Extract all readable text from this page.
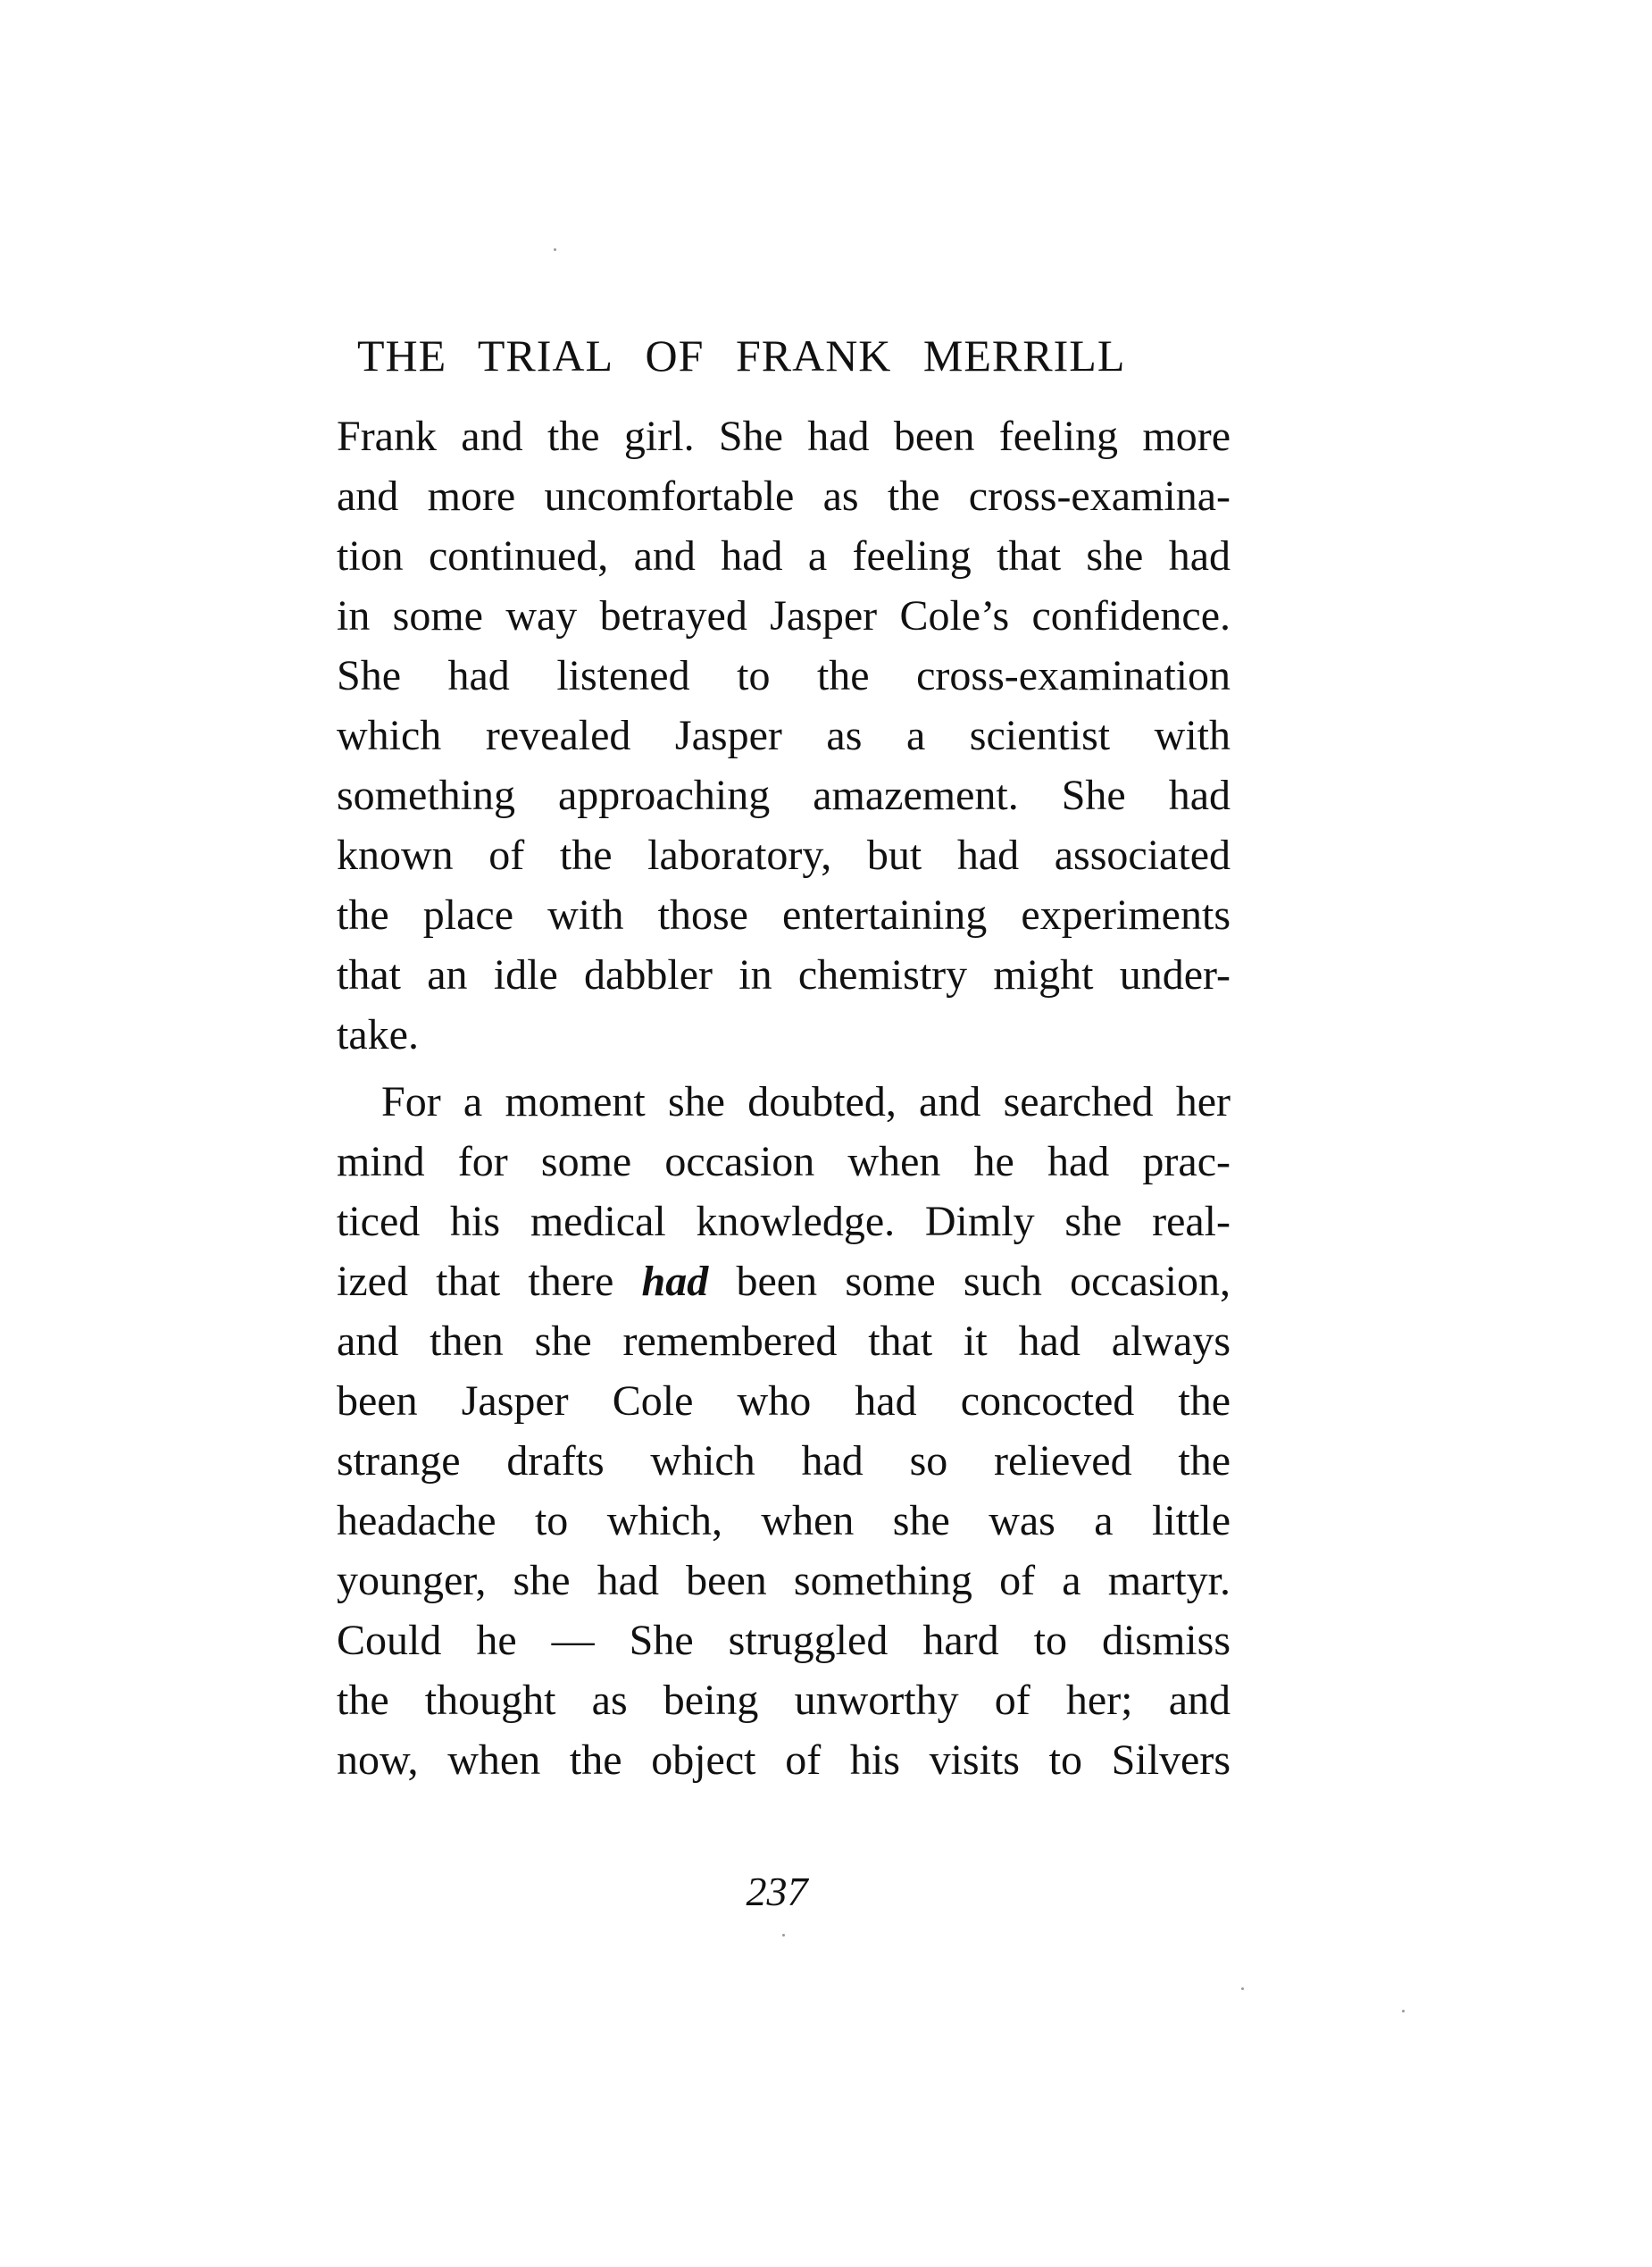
THE TRIAL OF FRANK MERRILL
Frank and the girl. She had been feeling more
and more uncomfortable as the cross-examina-
tion continued, and had a feeling that she had
in some way betrayed Jasper Cole’s confidence.
She had listened to the cross-examination
which revealed Jasper as a scientist with
something approaching amazement. She had
known of the laboratory, but had associated
the place with those entertaining experiments
that an idle dabbler in chemistry might under-
take.
For a moment she doubted, and searched her
mind for some occasion when he had prac-
ticed his medical knowledge. Dimly she real-
ized that there had been some such occasion,
and then she remembered that it had always
been Jasper Cole who had concocted the
strange drafts which had so relieved the
headache to which, when she was a little
younger, she had been something of a martyr.
Could he — She struggled hard to dismiss
the thought as being unworthy of her; and
now, when the object of his visits to Silvers
237
